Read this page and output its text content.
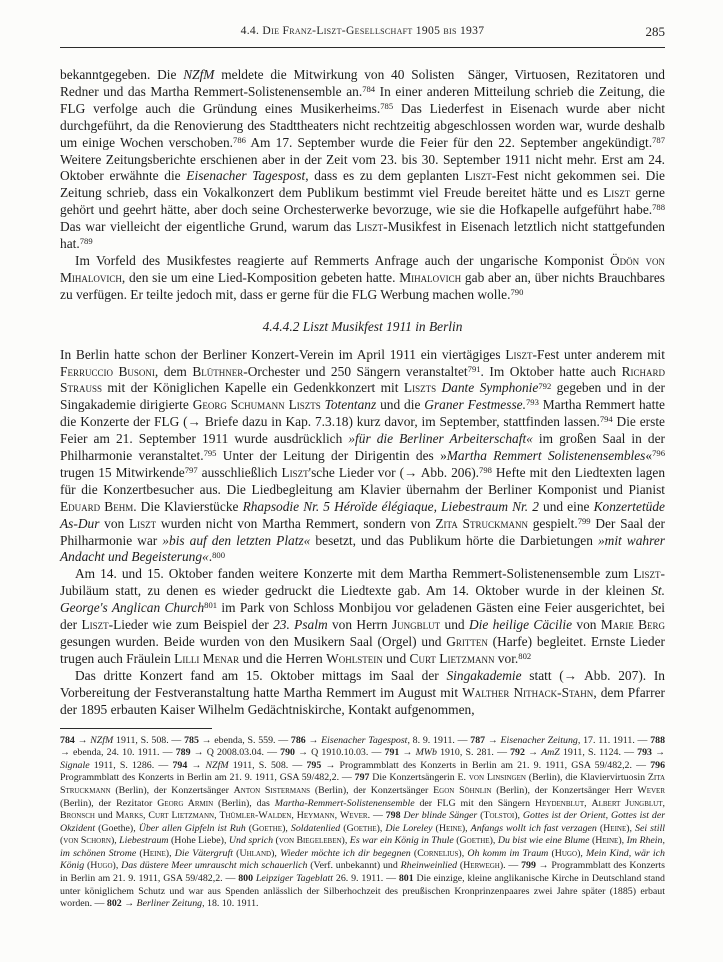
4.4. Die Franz-Liszt-Gesellschaft 1905 bis 1937	285

bekanntgegeben. Die NZfM meldete die Mitwirkung von 40 Solisten  Sänger, Virtuosen, Rezitatoren und Redner und das Martha Remmert-Solistenensemble an.$^{784}$ In einer anderen Mitteilung schrieb die Zeitung, die FLG verfolge auch die Gründung eines Musikerheims.$^{785}$ Das Liederfest in Eisenach wurde aber nicht durchgeführt, da die Renovierung des Stadttheaters nicht rechtzeitig abgeschlossen worden war, wurde deshalb um einige Wochen verschoben.$^{786}$ Am 17. September wurde die Feier für den 22. September angekündigt.$^{787}$ Weitere Zeitungsberichte erschienen aber in der Zeit vom 23. bis 30. September 1911 nicht mehr. Erst am 24. Oktober erwähnte die Eisenacher Tagespost, dass es zu dem geplanten Liszt-Fest nicht gekommen sei. Die Zeitung schrieb, dass ein Vokalkonzert dem Publikum bestimmt viel Freude bereitet hätte und es Liszt gerne gehört und geehrt hätte, aber doch seine Orchesterwerke bevorzuge, wie sie die Hofkapelle aufgeführt habe.$^{788}$ Das war vielleicht der eigentliche Grund, warum das Liszt-Musikfest in Eisenach letztlich nicht stattgefunden hat.$^{789}$

Im Vorfeld des Musikfestes reagierte auf Remmerts Anfrage auch der ungarische Komponist Ödön von Mihalovich, den sie um eine Lied-Komposition gebeten hatte. Mihalovich gab aber an, über nichts Brauchbares zu verfügen. Er teilte jedoch mit, dass er gerne für die FLG Werbung machen wolle.$^{790}$

4.4.4.2 Liszt Musikfest 1911 in Berlin

In Berlin hatte schon der Berliner Konzert-Verein im April 1911 ein viertägiges Liszt-Fest unter anderem mit Ferruccio Busoni, dem Blüthner-Orchester und 250 Sängern veranstaltet$^{791}$. Im Oktober hatte auch Richard Strauss mit der Königlichen Kapelle ein Gedenkkonzert mit Liszts Dante Symphonie$^{792}$ gegeben und in der Singakademie dirigierte Georg Schumann Liszts Totentanz und die Graner Festmesse.$^{793}$ Martha Remmert hatte die Konzerte der FLG (→ Briefe dazu in Kap. 7.3.18) kurz davor, im September, stattfinden lassen.$^{794}$ Die erste Feier am 21. September 1911 wurde ausdrücklich »für die Berliner Arbeiterschaft« im großen Saal in der Philharmonie veranstaltet.$^{795}$ Unter der Leitung der Dirigentin des »Martha Remmert Solistenensembles«$^{796}$ trugen 15 Mitwirkende$^{797}$ ausschließlich Liszt'sche Lieder vor (→ Abb. 206).$^{798}$ Hefte mit den Liedtexten lagen für die Konzertbesucher aus. Die Liedbegleitung am Klavier übernahm der Berliner Komponist und Pianist Eduard Behm. Die Klavierstücke Rhapsodie Nr. 5 Héroïde élégiaque, Liebestraum Nr. 2 und eine Konzertetüde As-Dur von Liszt wurden nicht von Martha Remmert, sondern von Zita Struckmann gespielt.$^{799}$ Der Saal der Philharmonie war »bis auf den letzten Platz« besetzt, und das Publikum hörte die Darbietungen »mit wahrer Andacht und Begeisterung«.$^{800}$

Am 14. und 15. Oktober fanden weitere Konzerte mit dem Martha Remmert-Solistenensemble zum Liszt-Jubiläum statt, zu denen es wieder gedruckt die Liedtexte gab. Am 14. Oktober wurde in der kleinen St. George's Anglican Church$^{801}$ im Park von Schloss Monbijou vor geladenen Gästen eine Feier ausgerichtet, bei der Liszt-Lieder wie zum Beispiel der 23. Psalm von Herrn Jungblut und Die heilige Cäcilie von Marie Berg gesungen wurden. Beide wurden von den Musikern Saal (Orgel) und Gritten (Harfe) begleitet. Ernste Lieder trugen auch Fräulein Lilli Menar und die Herren Wohlstein und Curt Lietzmann vor.$^{802}$

Das dritte Konzert fand am 15. Oktober mittags im Saal der Singakademie statt (→ Abb. 207). In Vorbereitung der Festveranstaltung hatte Martha Remmert im August mit Walther Nithack-Stahn, dem Pfarrer der 1895 erbauten Kaiser Wilhelm Gedächtniskirche, Kontakt aufgenommen,

784 → NZfM 1911, S. 508. — 785 → ebenda, S. 559. — 786 → Eisenacher Tagespost, 8. 9. 1911. — 787 → Eisenacher Zeitung, 17. 11. 1911. — 788 → ebenda, 24. 10. 1911. — 789 → Q 2008.03.04. — 790 → Q 1910.10.03. — 791 → MWb 1910, S. 281. — 792 → AmZ 1911, S. 1124. — 793 → Signale 1911, S. 1286. — 794 → NZfM 1911, S. 508. — 795 → Programmblatt des Konzerts in Berlin am 21. 9. 1911, GSA 59/482,2. — 796 Programmblatt des Konzerts in Berlin am 21. 9. 1911, GSA 59/482,2. — 797 Die Konzertsängerin E. von Linsingen (Berlin), die Klaviervirtuosin Zita Struckmann (Berlin), der Konzertsänger Anton Sistermans (Berlin), der Konzertsänger Egon Söhnlin (Berlin), der Konzertsänger Herr Wever (Berlin), der Rezitator Georg Armin (Berlin), das Martha-Remmert-Solistenensemble der FLG mit den Sängern Heydenblut, Albert Jungblut, Bronsch und Marks, Curt Lietzmann, Thümler-Walden, Heymann, Wever. — 798 Der blinde Sänger (Tolstoi), Gottes ist der Orient, Gottes ist der Okzident (Goethe), Über allen Gipfeln ist Ruh (Goethe), Soldatenlied (Goethe), Die Loreley (Heine), Anfangs wollt ich fast verzagen (Heine), Sei still (von Schorn), Liebestraum (Hohe Liebe), Und sprich (von Biegeleben), Es war ein König in Thule (Goethe), Du bist wie eine Blume (Heine), Im Rhein, im schönen Strome (Heine), Die Vätergruft (Uhland), Wieder möchte ich dir begegnen (Cornelius), Oh komm im Traum (Hugo), Mein Kind, wär ich König (Hugo), Das düstere Meer umrauscht mich schauerlich (Verf. unbekannt) und Rheinweinlied (Herwegh). — 799 → Programmblatt des Konzerts in Berlin am 21. 9. 1911, GSA 59/482,2. — 800 Leipziger Tageblatt 26. 9. 1911. — 801 Die einzige, kleine anglikanische Kirche in Deutschland stand unter königlichem Schutz und war aus Spenden anlässlich der Silberhochzeit des preußischen Kronprinzenpaares zwei Jahre später (1885) erbaut worden. — 802 → Berliner Zeitung, 18. 10. 1911.
